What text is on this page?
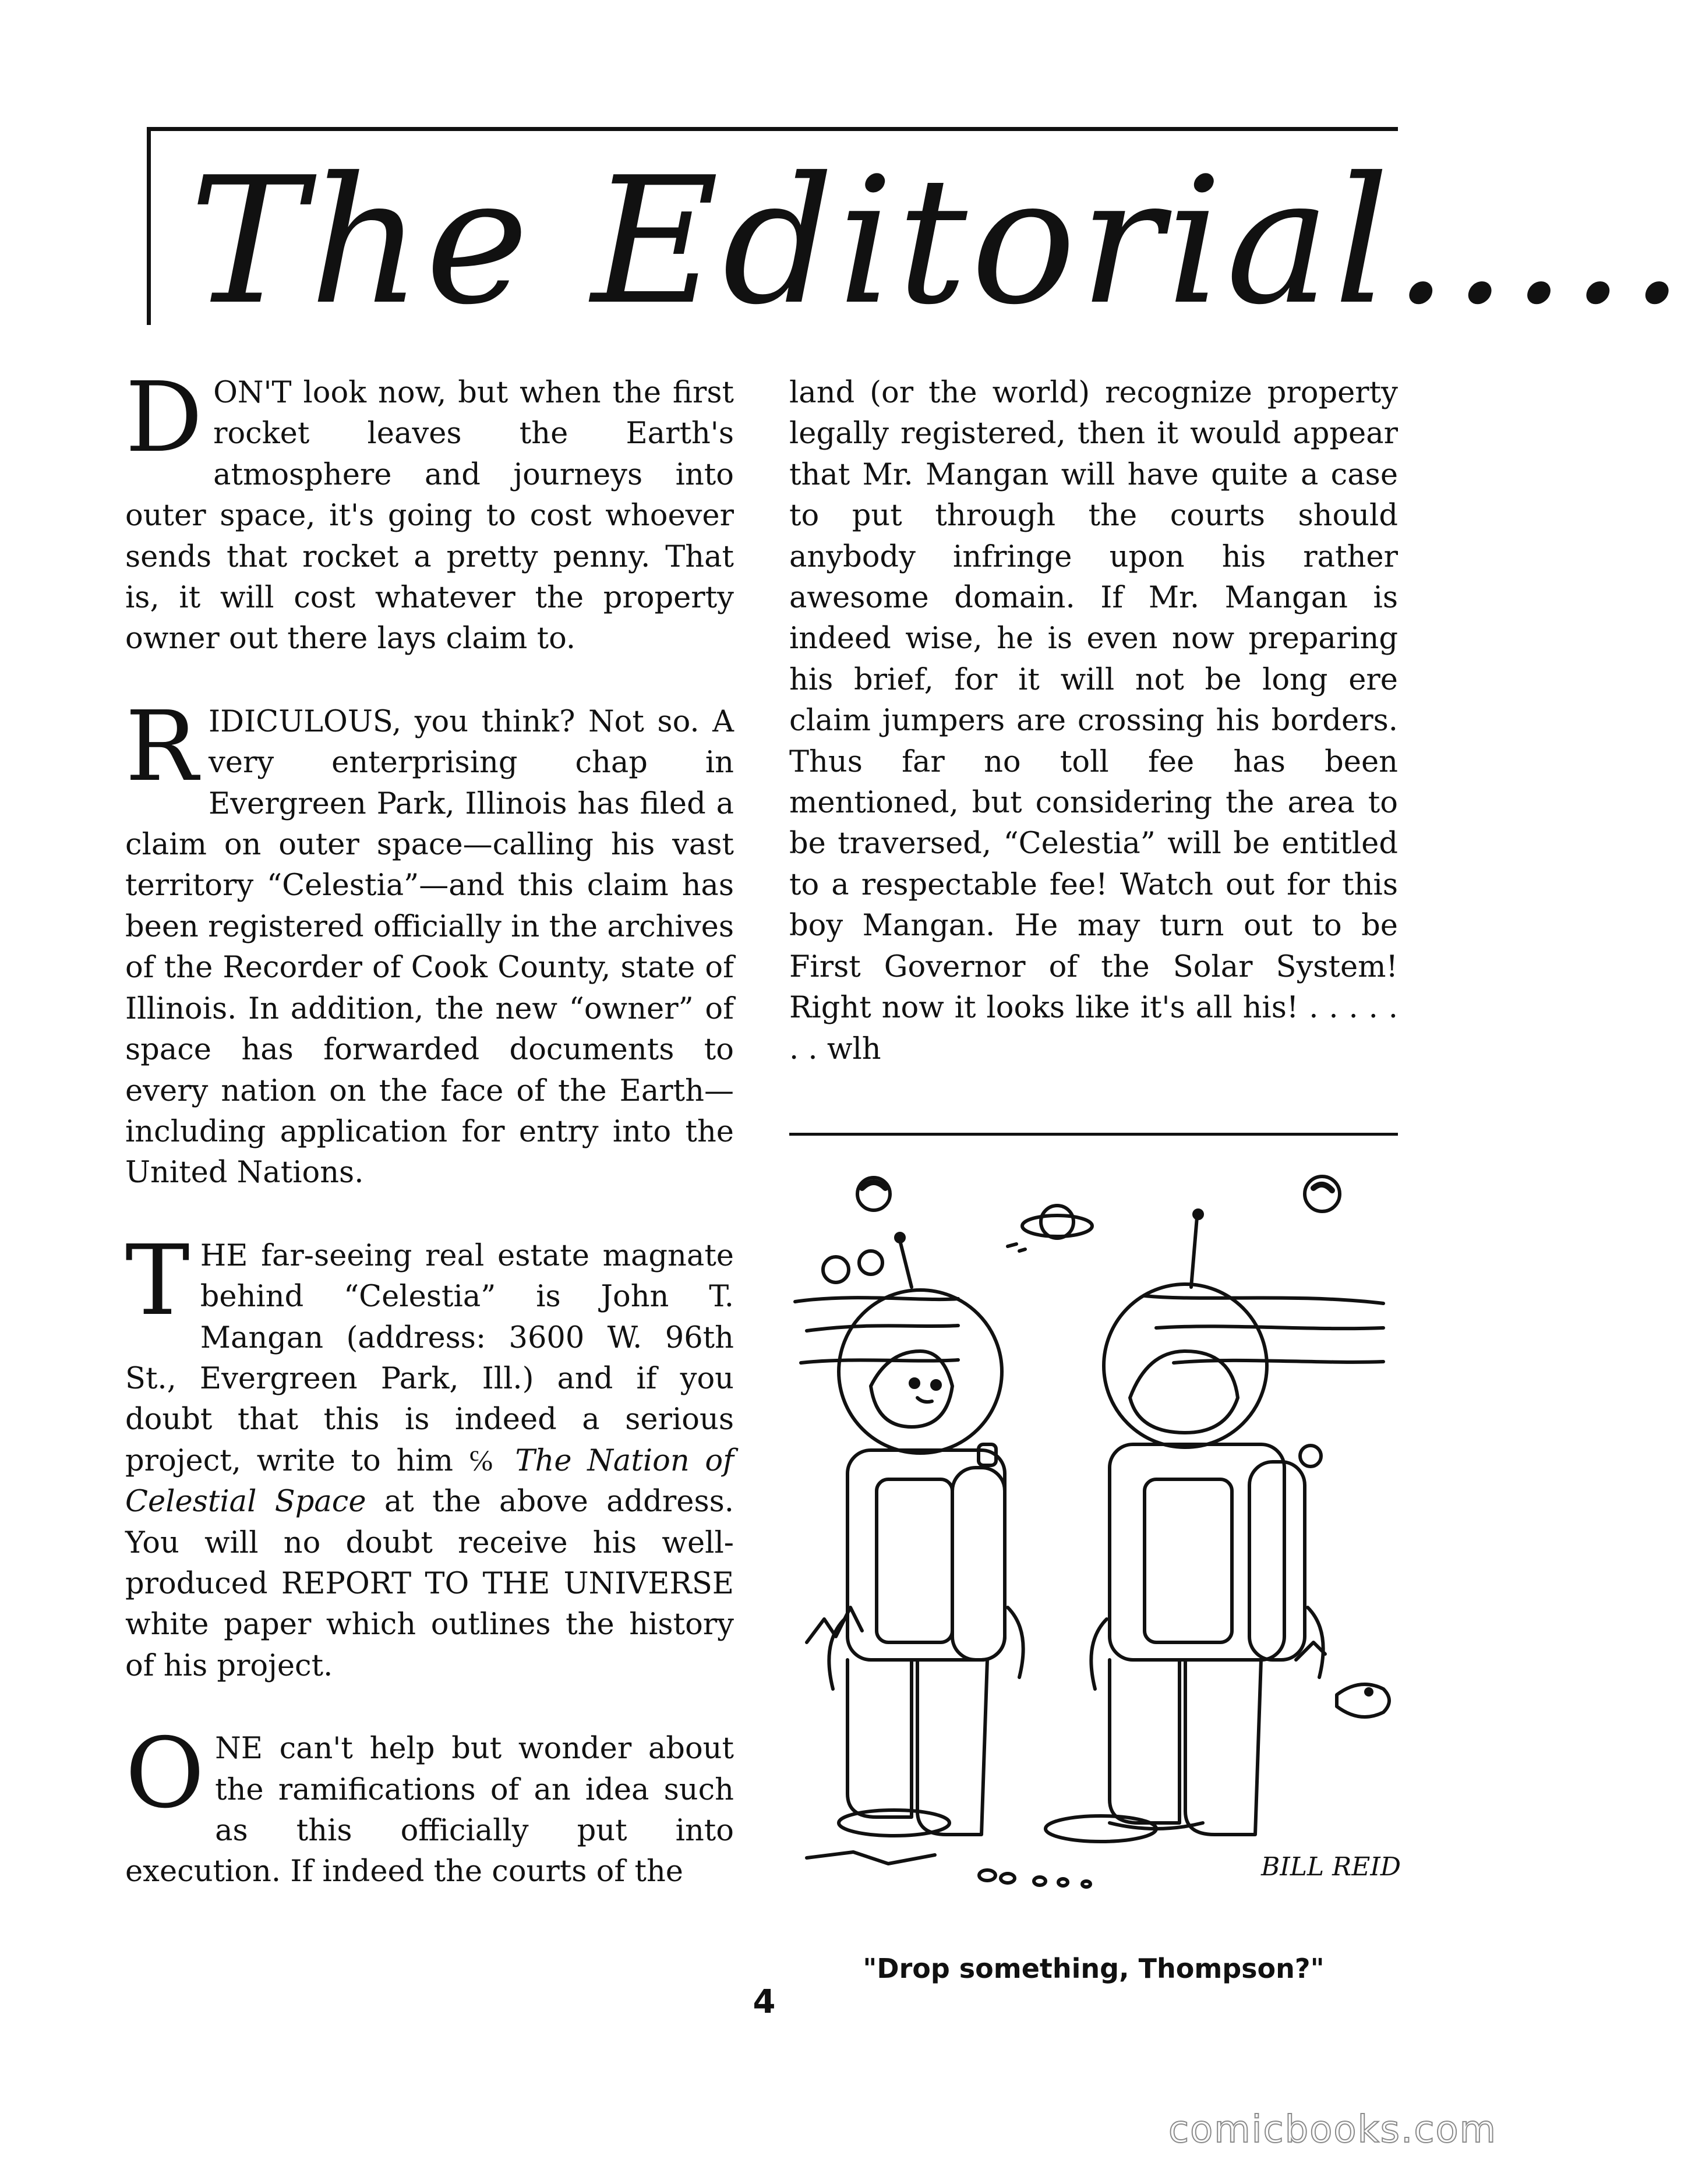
The Editorial.....

DON'T look now, but when the first rocket leaves the Earth's atmosphere and journeys into outer space, it's going to cost whoever sends that rocket a pretty penny. That is, it will cost whatever the property owner out there lays claim to.

RIDICULOUS, you think? Not so. A very enterprising chap in Evergreen Park, Illinois has filed a claim on outer space—calling his vast territory “Celestia”—and this claim has been registered officially in the archives of the Recorder of Cook County, state of Illinois. In addition, the new “owner” of space has forwarded documents to every nation on the face of the Earth—including application for entry into the United Nations.

THE far-seeing real estate magnate behind “Celestia” is John T. Mangan (address: 3600 W. 96th St., Evergreen Park, Ill.) and if you doubt that this is indeed a serious project, write to him ℅ The Nation of Celestial Space at the above address. You will no doubt receive his well-produced REPORT TO THE UNIVERSE white paper which outlines the history of his project.

ONE can't help but wonder about the ramifications of an idea such as this officially put into execution. If indeed the courts of the

land (or the world) recognize property legally registered, then it would appear that Mr. Mangan will have quite a case to put through the courts should anybody infringe upon his rather awesome domain. If Mr. Mangan is indeed wise, he is even now preparing his brief, for it will not be long ere claim jumpers are crossing his borders. Thus far no toll fee has been mentioned, but considering the area to be traversed, “Celestia” will be entitled to a respectable fee! Watch out for this boy Mangan. He may turn out to be First Governor of the Solar System! Right now it looks like it's all his! . . . . . . . wlh

BILL REID
"Drop something, Thompson?"
4
comicbooks.com
